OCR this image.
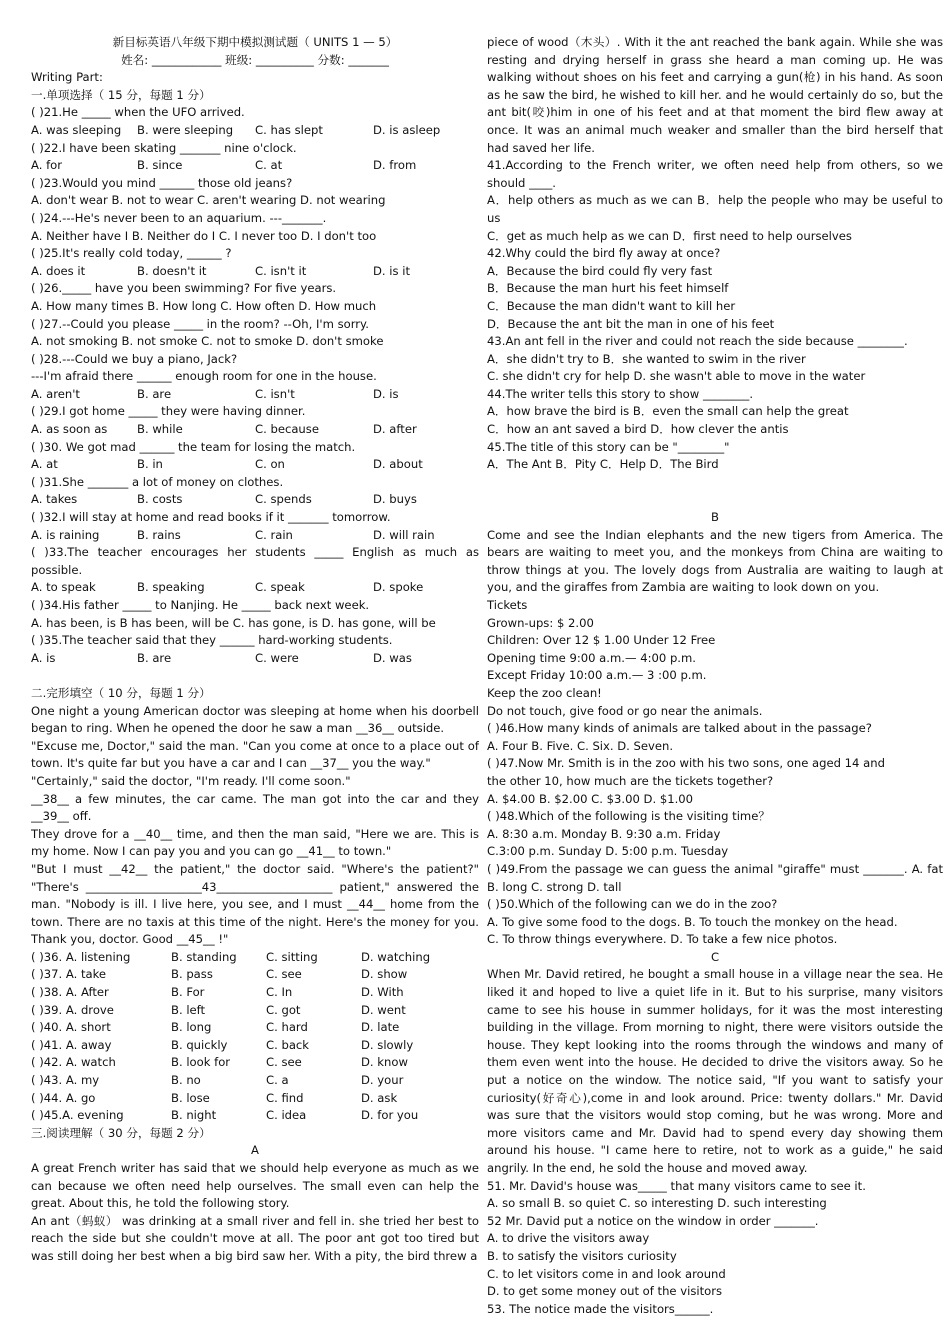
新目标英语八年级下期中模拟测试题（ UNITS 1 — 5）
姓名: ____________ 班级: __________ 分数: _______
Writing Part:
一.单项选择（ 15 分，每题 1 分）
( )21.He _____ when the UFO arrived.
A. was sleeping	B. were sleeping	C. has slept	D. is asleep
( )22.I have been skating _______ nine o'clock.
A. for	B. since	C. at	D. from
( )23.Would you mind ______ those old jeans?
A. don't wear B. not to wear C. aren't wearing D. not wearing
( )24.---He's never been to an aquarium. ---_______.
A. Neither have I B. Neither do I C. I never too D. I don't too
( )25.It's really cold today, ______ ?
A. does it	B. doesn't it	C. isn't it	D. is it
( )26._____ have you been swimming? For five years.
A. How many times B. How long C. How often D. How much
( )27.--Could you please _____ in the room? --Oh, I'm sorry.
A. not smoking B. not smoke C. not to smoke D. don't smoke
( )28.---Could we buy a piano, Jack?
---I'm afraid there ______ enough room for one in the house.
A. aren't	B. are	C. isn't	D. is
( )29.I got home _____ they were having dinner.
A. as soon as	B. while	C. because	D. after
( )30. We got mad ______ the team for losing the match.
A. at	B. in	C. on	D. about
( )31.She _______ a lot of money on clothes.
A. takes	B. costs	C. spends	D. buys
( )32.I will stay at home and read books if it _______ tomorrow.
A. is raining	B. rains	C. rain	D. will rain
( )33.The teacher encourages her students _____ English as much as possible.
A. to speak	B. speaking	C. speak	D. spoke
( )34.His father _____ to Nanjing. He _____ back next week.
A. has been, is B has been, will be C. has gone, is D. has gone, will be
( )35.The teacher said that they ______ hard-working students.
A. is	B. are	C. were	D. was
二.完形填空（ 10 分，每题 1 分）
One night a young American doctor was sleeping at home when his doorbell began to ring. When he opened the door he saw a man __36__ outside.
"Excuse me, Doctor," said the man. "Can you come at once to a place out of town. It's quite far but you have a car and I can __37__ you the way."
"Certainly," said the doctor, "I'm ready. I'll come soon."
__38__ a few minutes, the car came. The man got into the car and they __39__ off.
They drove for a __40__ time, and then the man said, "Here we are. This is my home. Now I can pay you and you can go __41__ to town."
"But I must __42__ the patient," the doctor said. "Where's the patient?" "There's ____________________43____________________ patient," answered the man. "Nobody is ill. I live here, you see, and I must __44__ home from the town. There are no taxis at this time of the night. Here's the money for you. Thank you, doctor. Good __45__ !"
( )36. A. listening	B. standing	C. sitting	D. watching
( )37. A. take	B. pass	C. see	D. show
( )38. A. After	B. For	C. In	D. With
( )39. A. drove	B. left	C. got	D. went
( )40. A. short	B. long	C. hard	D. late
( )41. A. away	B. quickly	C. back	D. slowly
( )42. A. watch	B. look for	C. see	D. know
( )43. A. my	B. no	C. a	D. your
( )44. A. go	B. lose	C. find	D. ask
( )45.A. evening	B. night	C. idea	D. for you
三.阅读理解（ 30 分，每题 2 分）
A
A great French writer has said that we should help everyone as much as we can because we often need help ourselves. The small even can help the great. About this, he told the following story.
An ant（蚂蚁） was drinking at a small river and fell in. she tried her best to reach the side but she couldn't move at all. The poor ant got too tired but was still doing her best when a big bird saw her. With a pity, the bird threw a
piece of wood（木头）. With it the ant reached the bank again. While she was resting and drying herself in grass she heard a man coming up. He was walking without shoes on his feet and carrying a gun(枪) in his hand. As soon as he saw the bird, he wished to kill her. and he would certainly do so, but the ant bit(咬)him in one of his feet and at that moment the bird flew away at once. It was an animal much weaker and smaller than the bird herself that had saved her life.
41.According to the French writer, we often need help from others, so we should ____.
A．help others as much as we can B．help the people who may be useful to us
C．get as much help as we can D．first need to help ourselves
42.Why could the bird fly away at once?
A．Because the bird could fly very fast
B．Because the man hurt his feet himself
C．Because the man didn't want to kill her
D．Because the ant bit the man in one of his feet
43.An ant fell in the river and could not reach the side because ________.
A．she didn't try to B．she wanted to swim in the river
C. she didn't cry for help D. she wasn't able to move in the water
44.The writer tells this story to show ________.
A．how brave the bird is B．even the small can help the great
C．how an ant saved a bird D．how clever the antis
45.The title of this story can be "________"
A．The Ant B．Pity C．Help D．The Bird
B
Come and see the Indian elephants and the new tigers from America. The bears are waiting to meet you, and the monkeys from China are waiting to throw things at you. The lovely dogs from Australia are waiting to laugh at you, and the giraffes from Zambia are waiting to look down on you.
Tickets
Grown-ups: $ 2.00
Children: Over 12 $ 1.00 Under 12 Free
Opening time 9:00 a.m.— 4:00 p.m.
Except Friday 10:00 a.m.— 3 :00 p.m.
Keep the zoo clean!
Do not touch, give food or go near the animals.
( )46.How many kinds of animals are talked about in the passage?
A. Four B. Five. C. Six. D. Seven.
( )47.Now Mr. Smith is in the zoo with his two sons, one aged 14 and
the other 10, how much are the tickets together?
A. $4.00 B. $2.00 C. $3.00 D. $1.00
( )48.Which of the following is the visiting time？
A. 8:30 a.m. Monday B. 9:30 a.m. Friday
C.3:00 p.m. Sunday D. 5:00 p.m. Tuesday
( )49.From the passage we can guess the animal "giraffe" must _______. A. fat B. long C. strong D. tall
( )50.Which of the following can we do in the zoo?
A. To give some food to the dogs. B. To touch the monkey on the head.
C. To throw things everywhere. D. To take a few nice photos.
C
When Mr. David retired, he bought a small house in a village near the sea. He liked it and hoped to live a quiet life in it. But to his surprise, many visitors came to see his house in summer holidays, for it was the most interesting building in the village. From morning to night, there were visitors outside the house. They kept looking into the rooms through the windows and many of them even went into the house. He decided to drive the visitors away. So he put a notice on the window. The notice said, "If you want to satisfy your curiosity(好奇心),come in and look around. Price: twenty dollars." Mr. David was sure that the visitors would stop coming, but he was wrong. More and more visitors came and Mr. David had to spend every day showing them around his house. "I came here to retire, not to work as a guide," he said angrily. In the end, he sold the house and moved away.
51. Mr. David's house was_____ that many visitors came to see it.
A. so small B. so quiet C. so interesting D. such interesting
52 Mr. David put a notice on the window in order _______.
A. to drive the visitors away
B. to satisfy the visitors curiosity
C. to let visitors come in and look around
D. to get some money out of the visitors
53. The notice made the visitors______.
